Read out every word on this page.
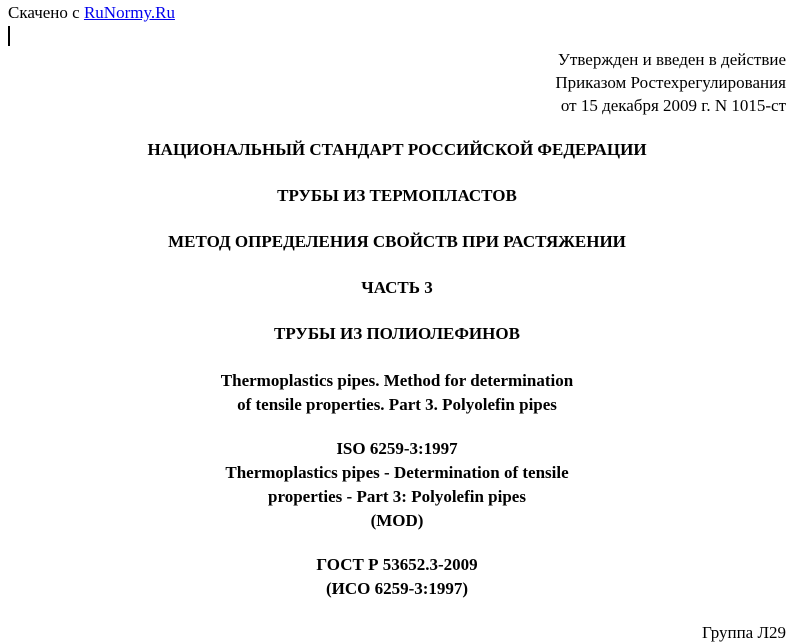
Скачено с RuNormy.Ru
Утвержден и введен в действие
Приказом Ростехрегулирования
от 15 декабря 2009 г. N 1015-ст
НАЦИОНАЛЬНЫЙ СТАНДАРТ РОССИЙСКОЙ ФЕДЕРАЦИИ
ТРУБЫ ИЗ ТЕРМОПЛАСТОВ
МЕТОД ОПРЕДЕЛЕНИЯ СВОЙСТВ ПРИ РАСТЯЖЕНИИ
ЧАСТЬ 3
ТРУБЫ ИЗ ПОЛИОЛЕФИНОВ
Thermoplastics pipes. Method for determination
of tensile properties. Part 3. Polyolefin pipes
ISO 6259-3:1997
Thermoplastics pipes - Determination of tensile
properties - Part 3: Polyolefin pipes
(MOD)
ГОСТ Р 53652.3-2009
(ИСО 6259-3:1997)
Группа Л29
